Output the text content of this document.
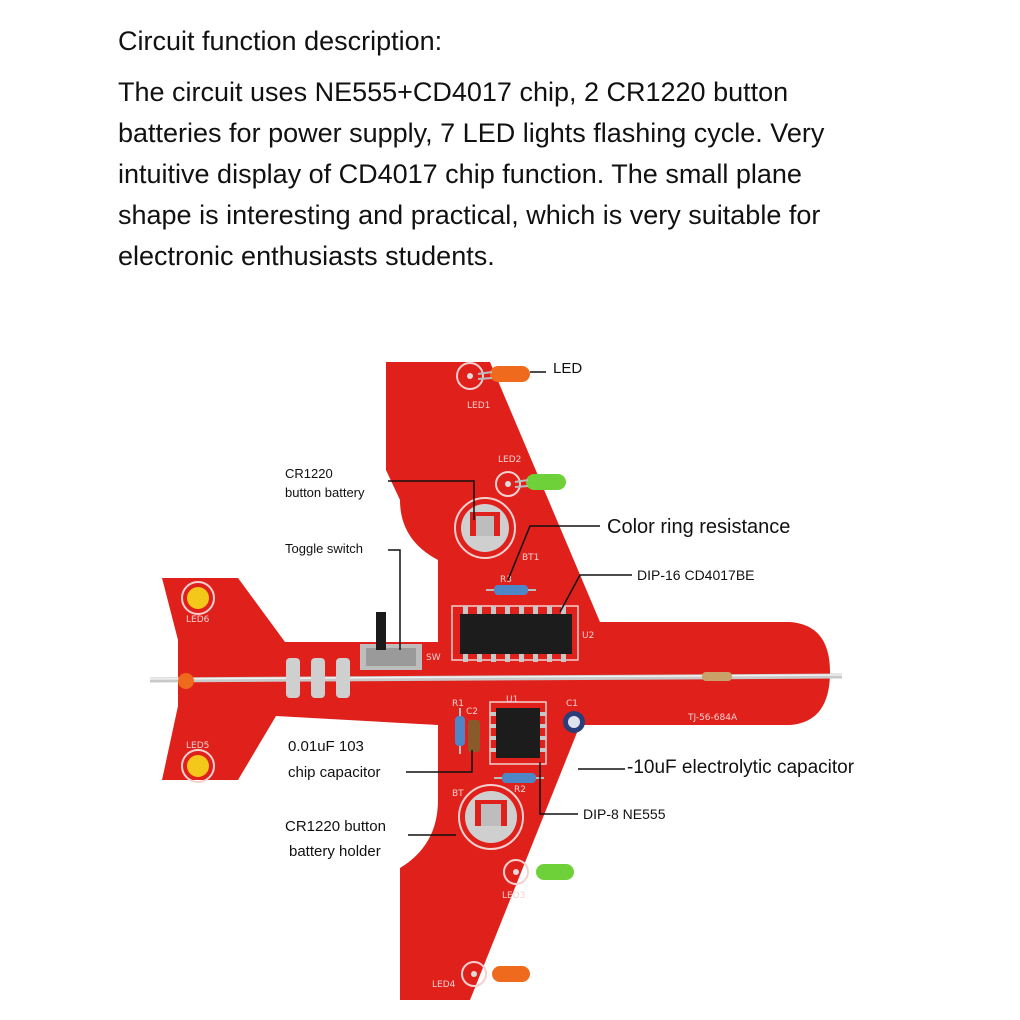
Circuit function description:
The circuit uses NE555+CD4017 chip, 2 CR1220 button
batteries for power supply, 7 LED lights flashing cycle. Very
intuitive display of CD4017 chip function. The small plane
shape is interesting and practical, which is very suitable for
electronic enthusiasts students.
LED1
LED2
LED3
LED4
LED5
LED6
BT1
BT
R1
R2
R3
C1
C2
U1
U2
SW
TJ-56-684A
LED
CR1220
button battery
Toggle switch
Color ring resistance
DIP-16 CD4017BE
0.01uF 103
chip capacitor	-10uF electrolytic capacitor
DIP-8 NE555
CR1220 button
battery holder
